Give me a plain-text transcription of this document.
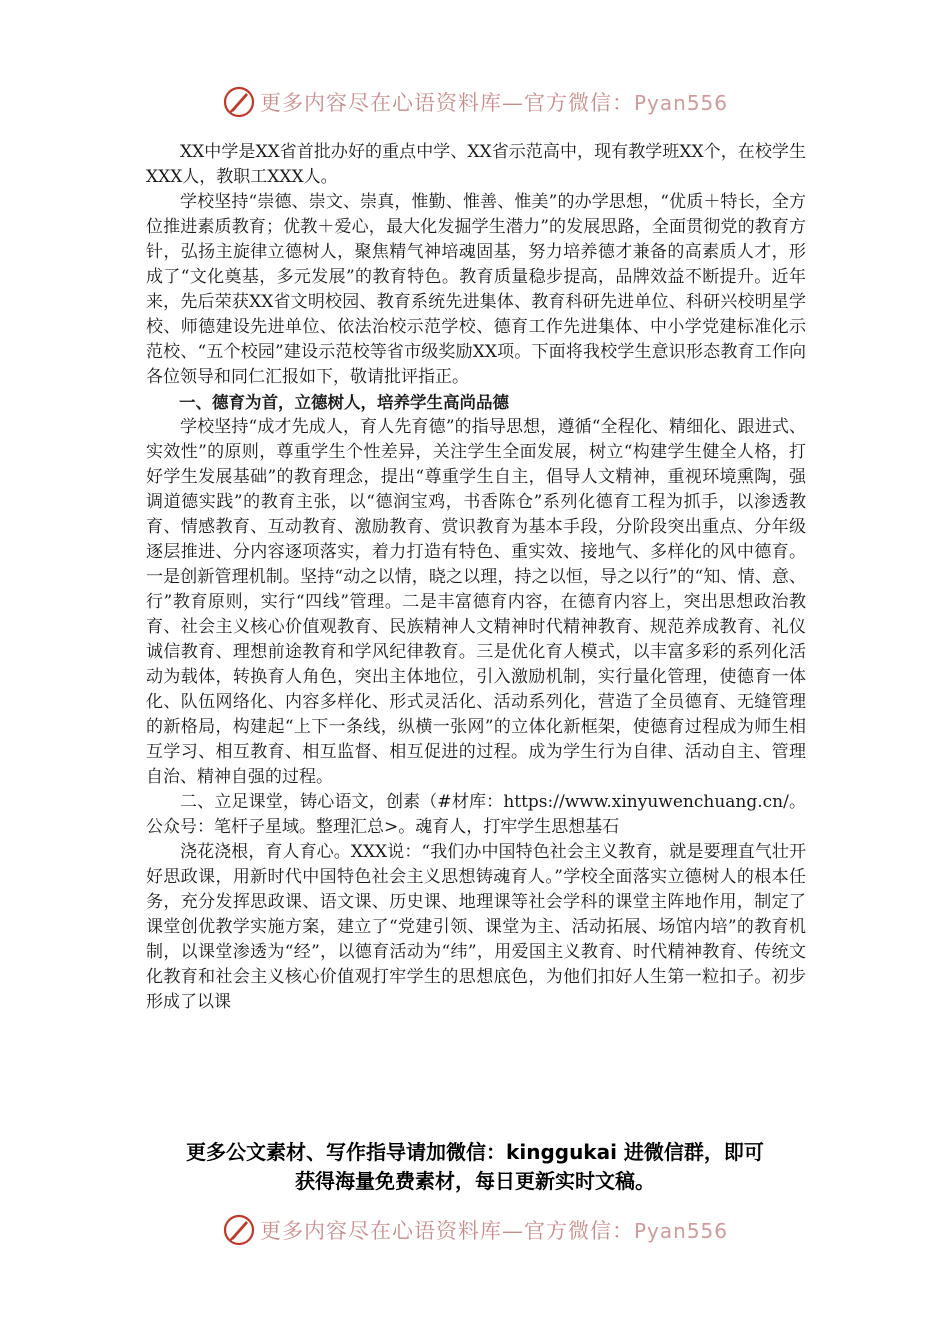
更多内容尽在心语资料库—官方微信：Pyan556

XX中学是XX省首批办好的重点中学、XX省示范高中，现有教学班XX个，在校学生XXX人，教职工XXX人。

学校坚持“崇德、崇文、崇真，惟勤、惟善、惟美”的办学思想，“优质＋特长，全方位推进素质教育；优教＋爱心，最大化发掘学生潜力”的发展思路，全面贯彻党的教育方针，弘扬主旋律立德树人，聚焦精气神培魂固基，努力培养德才兼备的高素质人才，形成了“文化奠基，多元发展”的教育特色。教育质量稳步提高，品牌效益不断提升。近年来，先后荣获XX省文明校园、教育系统先进集体、教育科研先进单位、科研兴校明星学校、师德建设先进单位、依法治校示范学校、德育工作先进集体、中小学党建标准化示范校、“五个校园”建设示范校等省市级奖励XX项。下面将我校学生意识形态教育工作向各位领导和同仁汇报如下，敬请批评指正。

一、德育为首，立德树人，培养学生高尚品德

学校坚持“成才先成人，育人先育德”的指导思想，遵循“全程化、精细化、跟进式、实效性”的原则，尊重学生个性差异，关注学生全面发展，树立“构建学生健全人格，打好学生发展基础”的教育理念，提出“尊重学生自主，倡导人文精神，重视环境熏陶，强调道德实践”的教育主张，以“德润宝鸡，书香陈仓”系列化德育工程为抓手，以渗透教育、情感教育、互动教育、激励教育、赏识教育为基本手段，分阶段突出重点、分年级逐层推进、分内容逐项落实，着力打造有特色、重实效、接地气、多样化的风中德育。一是创新管理机制。坚持“动之以情，晓之以理，持之以恒，导之以行”的“知、情、意、行”教育原则，实行“四线”管理。二是丰富德育内容，在德育内容上，突出思想政治教育、社会主义核心价值观教育、民族精神人文精神时代精神教育、规范养成教育、礼仪诚信教育、理想前途教育和学风纪律教育。三是优化育人模式，以丰富多彩的系列化活动为载体，转换育人角色，突出主体地位，引入激励机制，实行量化管理，使德育一体化、队伍网络化、内容多样化、形式灵活化、活动系列化，营造了全员德育、无缝管理的新格局，构建起“上下一条线，纵横一张网”的立体化新框架，使德育过程成为师生相互学习、相互教育、相互监督、相互促进的过程。成为学生行为自律、活动自主、管理自治、精神自强的过程。

二、立足课堂，铸心语文，创素（#材库：https://www.xinyuwenchuang.cn/。公众号：笔杆子星域。整理汇总>。魂育人，打牢学生思想基石

浇花浇根，育人育心。XXX说：“我们办中国特色社会主义教育，就是要理直气壮开好思政课，用新时代中国特色社会主义思想铸魂育人。”学校全面落实立德树人的根本任务，充分发挥思政课、语文课、历史课、地理课等社会学科的课堂主阵地作用，制定了课堂创优教学实施方案，建立了“党建引领、课堂为主、活动拓展、场馆内培”的教育机制，以课堂渗透为“经”，以德育活动为“纬”，用爱国主义教育、时代精神教育、传统文化教育和社会主义核心价值观打牢学生的思想底色，为他们扣好人生第一粒扣子。初步形成了以课

更多公文素材、写作指导请加微信：kinggukai 进微信群，即可
获得海量免费素材，每日更新实时文稿。
更多内容尽在心语资料库—官方微信：Pyan556
